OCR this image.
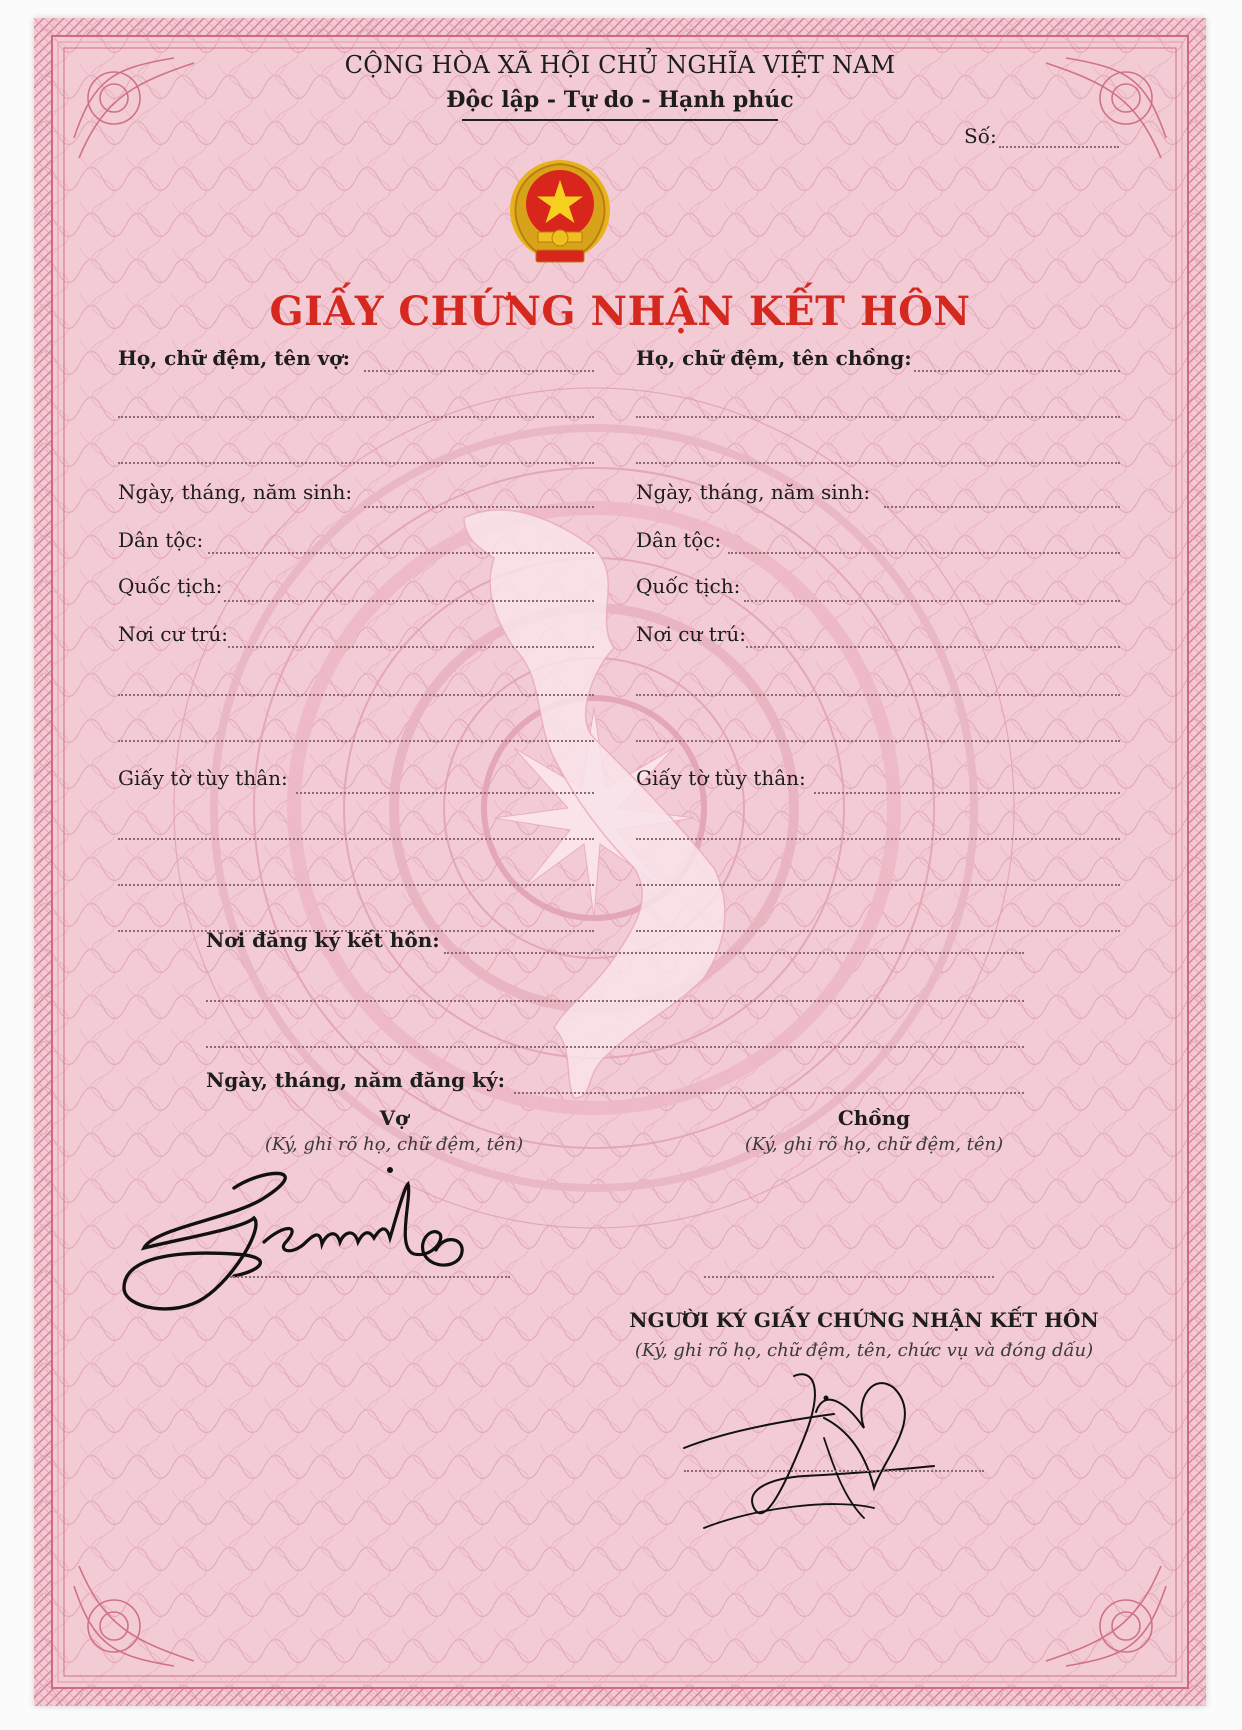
CỘNG HÒA XÃ HỘI CHỦ NGHĨA VIỆT NAM
Độc lập - Tự do - Hạnh phúc
Số:
GIẤY CHỨNG NHẬN KẾT HÔN
Họ, chữ đệm, tên vợ:
Ngày, tháng, năm sinh:
Dân tộc:
Quốc tịch:
Nơi cư trú:
Giấy tờ tùy thân:
Họ, chữ đệm, tên chồng:
Ngày, tháng, năm sinh:
Dân tộc:
Quốc tịch:
Nơi cư trú:
Giấy tờ tùy thân:
Nơi đăng ký kết hôn:
Ngày, tháng, năm đăng ký:
Vợ
(Ký, ghi rõ họ, chữ đệm, tên)
Chồng
(Ký, ghi rõ họ, chữ đệm, tên)
NGƯỜI KÝ GIẤY CHỨNG NHẬN KẾT HÔN
(Ký, ghi rõ họ, chữ đệm, tên, chức vụ và đóng dấu)
